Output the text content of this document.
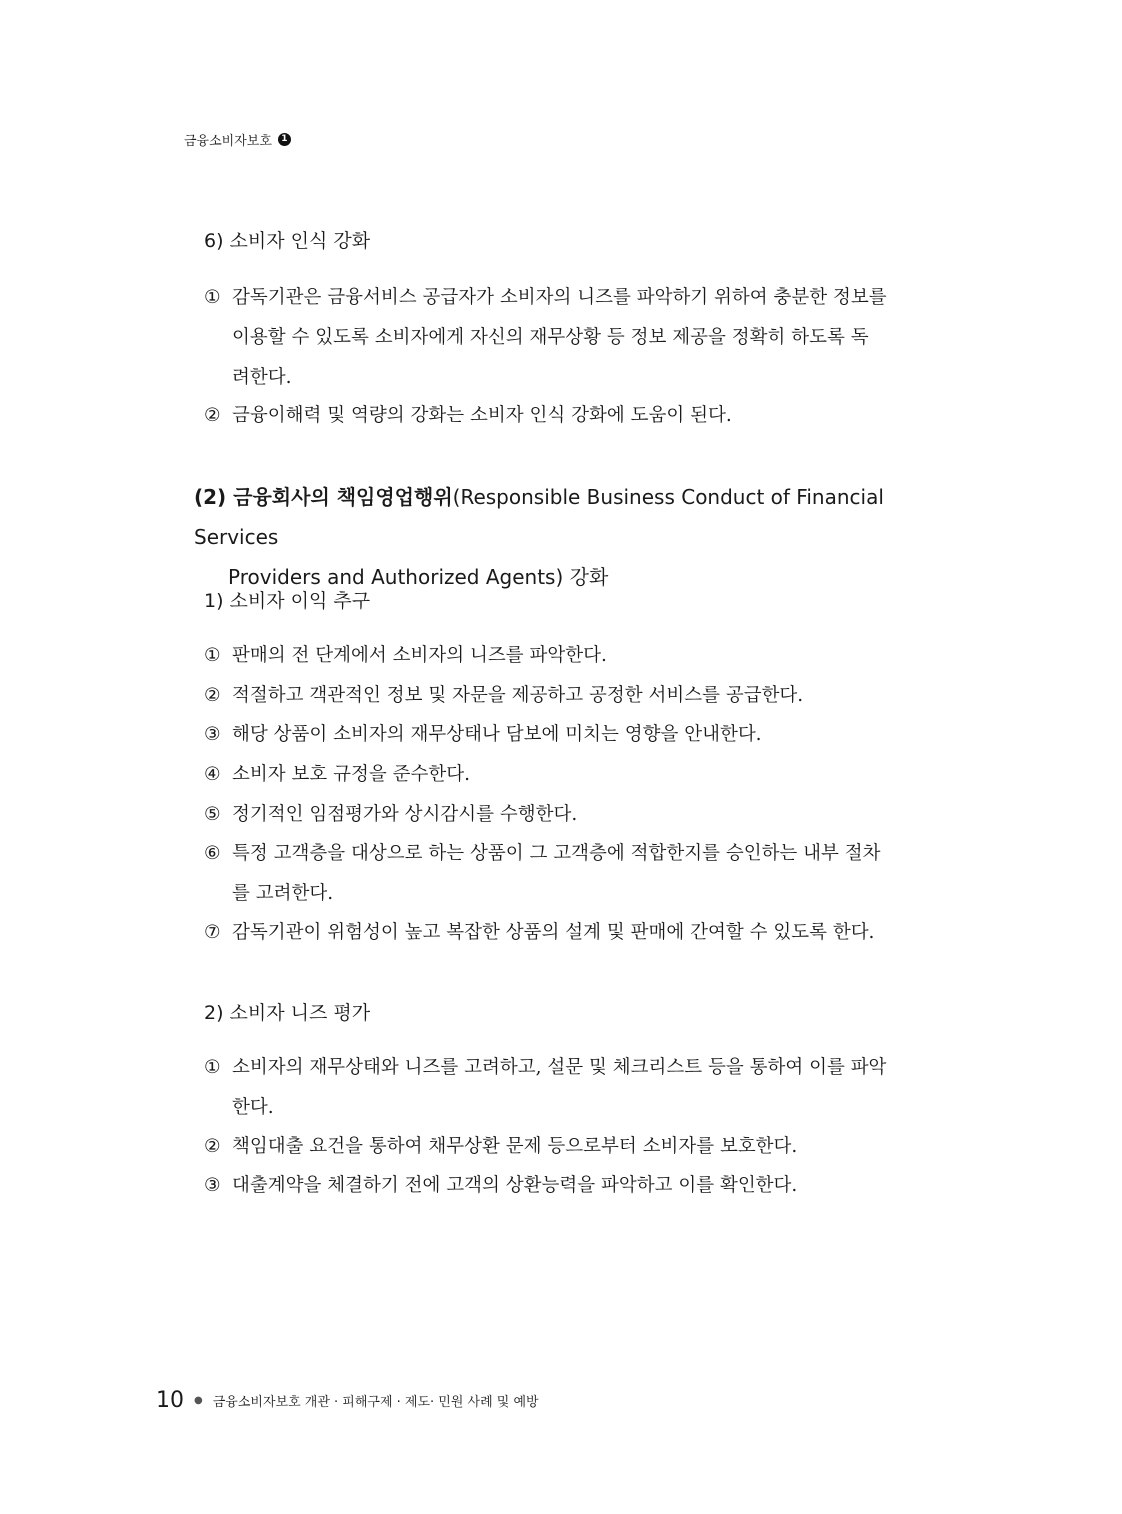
금융소비자보호	1
6) 소비자 인식 강화
① 감독기관은 금융서비스 공급자가 소비자의 니즈를 파악하기 위하여 충분한 정보를
이용할 수 있도록 소비자에게 자신의 재무상황 등 정보 제공을 정확히 하도록 독
려한다.
② 금융이해력 및 역량의 강화는 소비자 인식 강화에 도움이 된다.
(2) 금융회사의 책임영업행위(Responsible Business Conduct of Financial Services
Providers and Authorized Agents) 강화
1) 소비자 이익 추구
① 판매의 전 단계에서 소비자의 니즈를 파악한다.
② 적절하고 객관적인 정보 및 자문을 제공하고 공정한 서비스를 공급한다.
③ 해당 상품이 소비자의 재무상태나 담보에 미치는 영향을 안내한다.
④ 소비자 보호 규정을 준수한다.
⑤ 정기적인 임점평가와 상시감시를 수행한다.
⑥ 특정 고객층을 대상으로 하는 상품이 그 고객층에 적합한지를 승인하는 내부 절차
를 고려한다.
⑦ 감독기관이 위험성이 높고 복잡한 상품의 설계 및 판매에 간여할 수 있도록 한다.
2) 소비자 니즈 평가
① 소비자의 재무상태와 니즈를 고려하고, 설문 및 체크리스트 등을 통하여 이를 파악
한다.
② 책임대출 요건을 통하여 채무상환 문제 등으로부터 소비자를 보호한다.
③ 대출계약을 체결하기 전에 고객의 상환능력을 파악하고 이를 확인한다.
10 ● 금융소비자보호 개관 · 피해구제 · 제도· 민원 사례 및 예방
